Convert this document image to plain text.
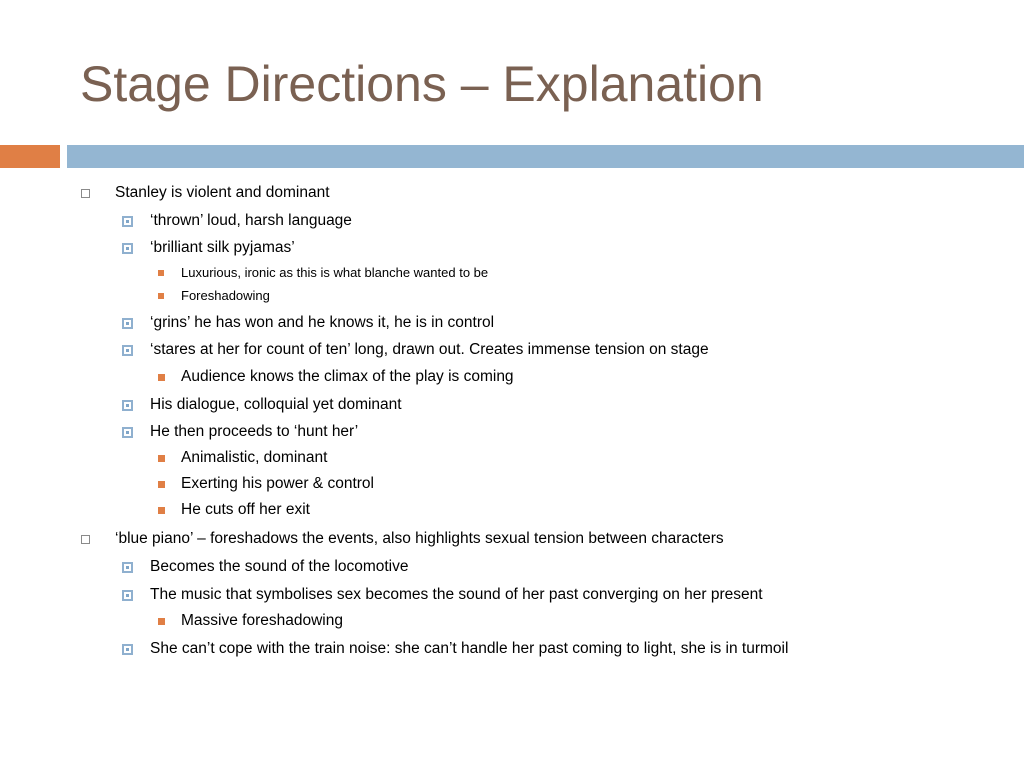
Stage Directions – Explanation
Stanley is violent and dominant
‘thrown’ loud, harsh language
‘brilliant silk pyjamas’
Luxurious, ironic as this is what blanche wanted to be
Foreshadowing
‘grins’ he has won and he knows it, he is in control
‘stares at her for count of ten’ long, drawn out. Creates immense tension on stage
Audience knows the climax of the play is coming
His dialogue, colloquial yet dominant
He then proceeds to ‘hunt her’
Animalistic, dominant
Exerting his power & control
He cuts off her exit
‘blue piano’ – foreshadows the events, also highlights sexual tension between characters
Becomes the sound of the locomotive
The music that symbolises sex becomes the sound of her past converging on her present
Massive foreshadowing
She can’t cope with the train noise: she can’t handle her past coming to light, she is in turmoil
